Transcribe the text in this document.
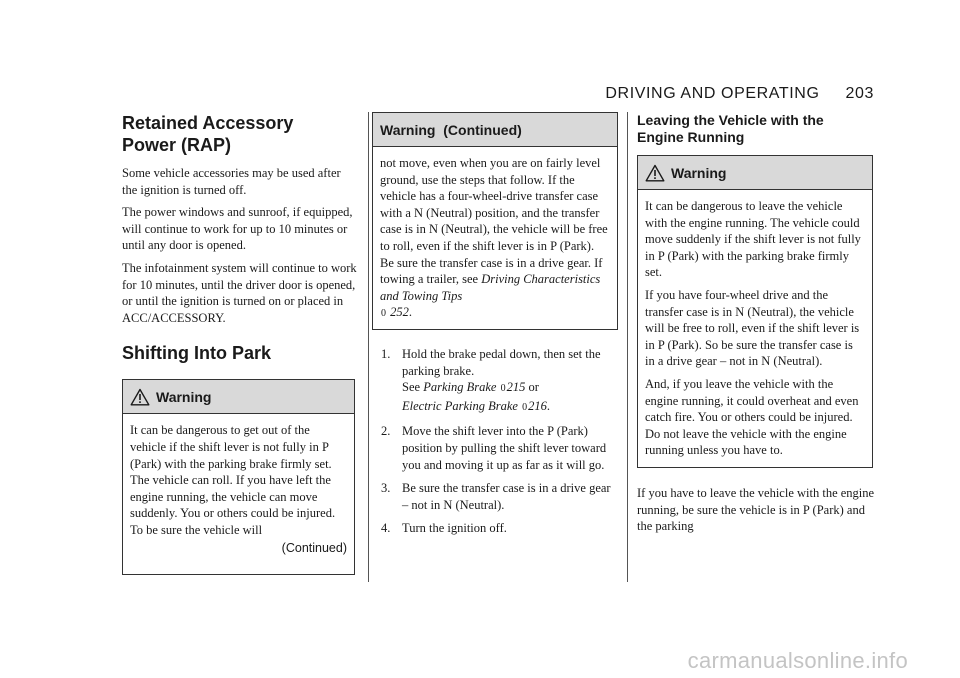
DRIVING AND OPERATING 203
Retained Accessory
Power (RAP)

Some vehicle accessories may be used after the ignition is turned off.

The power windows and sunroof, if equipped, will continue to work for up to 10 minutes or until any door is opened.

The infotainment system will continue to work for 10 minutes, until the driver door is opened, or until the ignition is turned on or placed in ACC/ACCESSORY.

Shifting Into Park
Warning

It can be dangerous to get out of the vehicle if the shift lever is not fully in P (Park) with the parking brake firmly set. The vehicle can roll. If you have left the engine running, the vehicle can move suddenly. You or others could be injured. To be sure the vehicle will

(Continued)
Warning  (Continued)

not move, even when you are on fairly level ground, use the steps that follow. If the vehicle has a four-wheel-drive transfer case with a N (Neutral) position, and the transfer case is in N (Neutral), the vehicle will be free to roll, even if the shift lever is in P (Park). Be sure the transfer case is in a drive gear. If towing a trailer, see Driving Characteristics and Towing Tips
0 252.

1. Hold the brake pedal down, then set the parking brake.
See Parking Brake 0215 or
Electric Parking Brake 0216.
2. Move the shift lever into the P (Park) position by pulling the shift lever toward you and moving it up as far as it will go.
3. Be sure the transfer case is in a drive gear – not in N (Neutral).
4. Turn the ignition off.
Leaving the Vehicle with the
Engine Running
Warning

It can be dangerous to leave the vehicle with the engine running. The vehicle could move suddenly if the shift lever is not fully in P (Park) with the parking brake firmly set.

If you have four-wheel drive and the transfer case is in N (Neutral), the vehicle will be free to roll, even if the shift lever is in P (Park). So be sure the transfer case is in a drive gear – not in N (Neutral).

And, if you leave the vehicle with the engine running, it could overheat and even catch fire. You or others could be injured. Do not leave the vehicle with the engine running unless you have to.

If you have to leave the vehicle with the engine running, be sure the vehicle is in P (Park) and the parking

carmanualsonline.info
